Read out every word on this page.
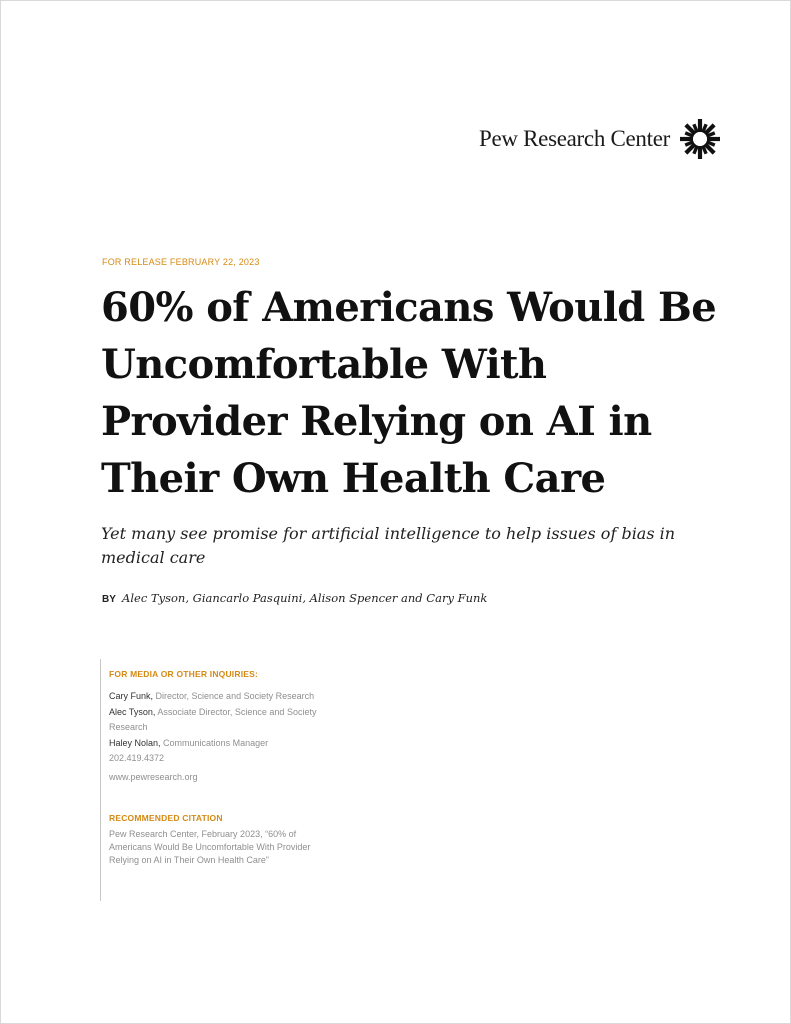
Pew Research Center
FOR RELEASE FEBRUARY 22, 2023
60% of Americans Would Be Uncomfortable With Provider Relying on AI in Their Own Health Care

Yet many see promise for artificial intelligence to help issues of bias in medical care

BY Alec Tyson, Giancarlo Pasquini, Alison Spencer and Cary Funk
FOR MEDIA OR OTHER INQUIRIES:
Cary Funk, Director, Science and Society Research
Alec Tyson, Associate Director, Science and Society Research
Haley Nolan, Communications Manager
202.419.4372
www.pewresearch.org
RECOMMENDED CITATION
Pew Research Center, February 2023, “60% of Americans Would Be Uncomfortable With Provider Relying on AI in Their Own Health Care”
